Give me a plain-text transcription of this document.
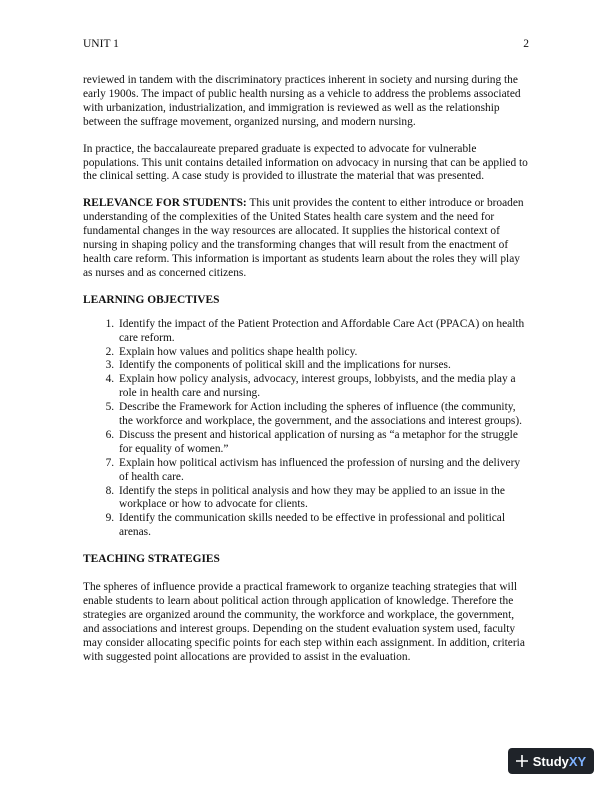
UNIT 1	2

reviewed in tandem with the discriminatory practices inherent in society and nursing during the early 1900s. The impact of public health nursing as a vehicle to address the problems associated with urbanization, industrialization, and immigration is reviewed as well as the relationship between the suffrage movement, organized nursing, and modern nursing.

In practice, the baccalaureate prepared graduate is expected to advocate for vulnerable populations. This unit contains detailed information on advocacy in nursing that can be applied to the clinical setting. A case study is provided to illustrate the material that was presented.

RELEVANCE FOR STUDENTS: This unit provides the content to either introduce or broaden understanding of the complexities of the United States health care system and the need for fundamental changes in the way resources are allocated. It supplies the historical context of nursing in shaping policy and the transforming changes that will result from the enactment of health care reform. This information is important as students learn about the roles they will play as nurses and as concerned citizens.

LEARNING OBJECTIVES
1. Identify the impact of the Patient Protection and Affordable Care Act (PPACA) on health care reform.
2. Explain how values and politics shape health policy.
3. Identify the components of political skill and the implications for nurses.
4. Explain how policy analysis, advocacy, interest groups, lobbyists, and the media play a role in health care and nursing.
5. Describe the Framework for Action including the spheres of influence (the community, the workforce and workplace, the government, and the associations and interest groups).
6. Discuss the present and historical application of nursing as “a metaphor for the struggle for equality of women.”
7. Explain how political activism has influenced the profession of nursing and the delivery of health care.
8. Identify the steps in political analysis and how they may be applied to an issue in the workplace or how to advocate for clients.
9. Identify the communication skills needed to be effective in professional and political arenas.
TEACHING STRATEGIES

The spheres of influence provide a practical framework to organize teaching strategies that will enable students to learn about political action through application of knowledge. Therefore the strategies are organized around the community, the workforce and workplace, the government, and associations and interest groups. Depending on the student evaluation system used, faculty may consider allocating specific points for each step within each assignment. In addition, criteria with suggested point allocations are provided to assist in the evaluation.

StudyXY
